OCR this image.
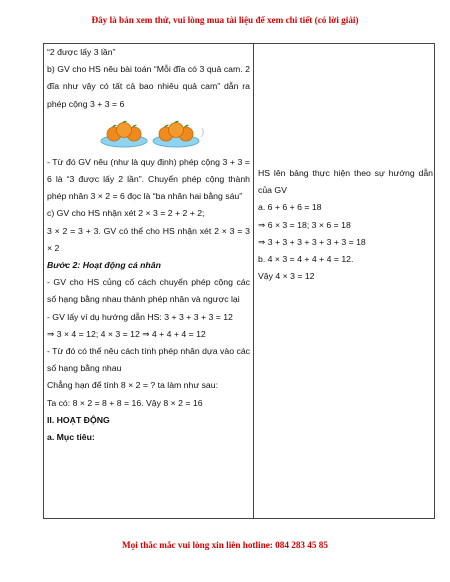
Đây là bản xem thử, vui lòng mua tài liệu để xem chi tiết (có lời giải)
“2 được lấy 3 lần”
b) GV cho HS nêu bài toán “Mỗi đĩa có 3 quả cam. 2 đĩa như vậy có tất cả bao nhiêu quả cam” dẫn ra phép cộng 3 + 3 = 6
- Từ đó GV nêu (như là quy định) phép cộng 3 + 3 = 6 là “3 được lấy 2 lần”. Chuyển phép cộng thành phép nhân 3 × 2 = 6 đọc là “ba nhân hai bằng sáu”
c) GV cho HS nhận xét 2 × 3 = 2 + 2 + 2;
3 × 2 = 3 + 3. GV có thể cho HS nhận xét 2 × 3 = 3 × 2
Bước 2: Hoạt động cá nhân
- GV cho HS củng cố cách chuyển phép cộng các số hạng bằng nhau thành phép nhân và ngược lại
- GV lấy ví dụ hướng dẫn HS: 3 + 3 + 3 + 3 = 12
⇒ 3 × 4 = 12; 4 × 3 = 12 ⇒ 4 + 4 + 4 = 12
- Từ đó có thể nêu cách tính phép nhân dựa vào các số hạng bằng nhau
Chẳng hạn để tính 8 × 2 = ? ta làm như sau:
Ta có: 8 × 2 = 8 + 8 = 16. Vậy 8 × 2 = 16
II. HOẠT ĐỘNG
a. Mục tiêu:
HS lên bảng thực hiện theo sự hướng dẫn của GV
a. 6 + 6 + 6 = 18
⇒ 6 × 3 = 18; 3 × 6 = 18
⇒ 3 + 3 + 3 + 3 + 3 + 3 = 18
b. 4 × 3 = 4 + 4 + 4 = 12.
Vậy 4 × 3 = 12
Mọi thắc mắc vui lòng xin liên hotline: 084 283 45 85
